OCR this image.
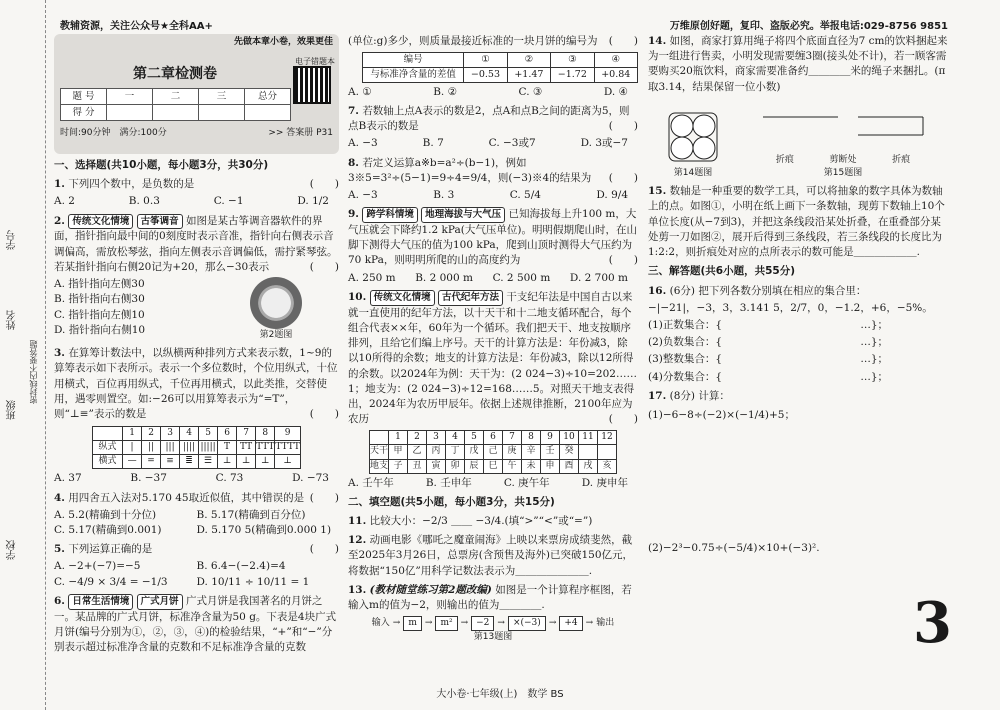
学校
班级
姓名
学号
密封线内不要答题
教辅资源，关注公众号★全科AA+	万维原创好题，复印、盗版必究。举报电话:029-8756 9851
先做本章小卷，效果更佳
第二章检测卷
题 号	一	二	三	总分
得 分				
电子错题本
时间:90分钟　 满分:100分	>> 答案册 P31
一、选择题(共10小题，每小题3分，共30分)
1. 下列四个数中，是负数的是	(　　)
A. 2	B. 0.3	C. −1	D. 1/2
2. 传统文化情境 古筝调音 如图是某古筝调音器软件的界面，指针指向最中间的0刻度时表示音准，指针向右侧表示音调偏高，需放松琴弦，指向左侧表示音调偏低，需拧紧琴弦。若某指针指向右侧20记为+20，那么−30表示	(　　)
A. 指针指向左侧30
B. 指针指向右侧30
C. 指针指向左侧10
D. 指针指向右侧10	第2题图
3. 在算筹计数法中，以纵横两种排列方式来表示数，1~9的算筹表示如下表所示。表示一个多位数时，个位用纵式，十位用横式，百位再用纵式，千位再用横式，以此类推，交替使用，遇零则置空。如:−26可以用算筹表示为“=T”，则“⊥≡”表示的数是	(　　)
	1	2	3	4	5	6	7	8	9
纵式	|	||	|||	||||	|||||	T	TT	TTT	TTTT
横式	—	=	≡	≣	☰	⊥	⊥	⊥	⊥
A. 37	B. −37	C. 73	D. −73
4. 用四舍五入法对5.170 45取近似值，其中错误的是 (　　)
A. 5.2(精确到十分位)	B. 5.17(精确到百分位)
C. 5.17(精确到0.001)	D. 5.170 5(精确到0.000 1)
5. 下列运算正确的是	(　　)
A. −2+(−7)=−5	B. 6.4−(−2.4)=4
C. −4/9 × 3/4 = −1/3	D. 10/11 ÷ 10/11 = 1
6. 日常生活情境 广式月饼 广式月饼是我国著名的月饼之一。某品牌的广式月饼，标准净含量为50 g。下表是4块广式月饼(编号分别为①，②，③，④)的检验结果，“+”和“−”分别表示超过标准净含量的克数和不足标准净含量的克数
(单位:g)多少，则质量最接近标准的一块月饼的编号为 (　　)
编号	①	②	③	④
与标准净含量的差值	−0.53	+1.47	−1.72	+0.84
A. ①	B. ②	C. ③	D. ④
7. 若数轴上点A表示的数是2，点A和点B之间的距离为5，则点B表示的数是	(　　)
A. −3	B. 7	C. −3或7	D. 3或−7
8. 若定义运算a※b=a²÷(b−1)，例如3※5=3²÷(5−1)=9÷4=9/4，则(−3)※4的结果为 (　　)
A. −3	B. 3	C. 5/4	D. 9/4
9. 跨学科情境 地理海拔与大气压 已知海拔每上升100 m，大气压就会下降约1.2 kPa(大气压单位)。明明假期爬山时，在山脚下测得大气压的值为100 kPa，爬到山顶时测得大气压约为70 kPa，则明明所爬的山的高度约为	(　　)
A. 250 m B. 2 000 m C. 2 500 m D. 2 700 m
10. 传统文化情境 古代纪年方法 干支纪年法是中国自古以来就一直使用的纪年方法，以十天干和十二地支循环配合，每个组合代表××年，60年为一个循环。我们把天干、地支按顺序排列，且给它们编上序号。天干的计算方法是：年份减3，除以10所得的余数；地支的计算方法是：年份减3，除以12所得的余数。以2024年为例：天干为：(2 024−3)÷10=202……1；地支为：(2 024−3)÷12=168……5。对照天干地支表得出，2024年为农历甲辰年。依据上述规律推断，2100年应为农历	(　　)
	1	2	3	4	5	6	7	8	9	10	11	12
天干	甲	乙	丙	丁	戊	己	庚	辛	壬	癸		
地支	子	丑	寅	卯	辰	巳	午	未	申	酉	戌	亥
A. 壬午年	B. 壬申年	C. 庚午年	D. 庚申年
二、填空题(共5小题，每小题3分，共15分)
11. 比较大小：−2/3 ＿＿ −3/4.(填“>”“<”或“=”)
12. 动画电影《哪吒之魔童闹海》上映以来票房成绩斐然，截至2025年3月26日，总票房(含预售及海外)已突破150亿元，将数据“150亿”用科学记数法表示为＿＿＿＿＿＿＿.
13. (教材随堂练习第2题改编) 如图是一个计算程序框图，若输入m的值为−2，则输出的值为＿＿＿＿.
输入 → m → m² → −2 → ×(−3) → +4 → 输出
第13题图
14. 如图，商家打算用绳子将四个底面直径为7 cm的饮料捆起来为一组进行售卖，小明发现需要缠3圈(接头处不计)，若一顾客需要购买20瓶饮料，商家需要准备约＿＿＿＿米的绳子来捆扎。(π取3.14，结果保留一位小数)
第14题图
折痕	剪断处	折痕
第15题图
15. 数轴是一种重要的数学工具，可以将抽象的数字具体为数轴上的点。如图①，小明在纸上画下一条数轴，现剪下数轴上10个单位长度(从−7到3)，并把这条线段沿某处折叠，在重叠部分某处剪一刀如图②，展开后得到三条线段，若三条线段的长度比为1:2:2，则折痕处对应的点所表示的数可能是＿＿＿＿＿＿.
三、解答题(共6小题，共55分)
16. (6分) 把下列各数分别填在相应的集合里：
−|−21|，−3，3，3.141 5，2/7，0，−1.2，+6，−5%。
(1)正数集合：{	…}；
(2)负数集合：{	…}；
(3)整数集合：{	…}；
(4)分数集合：{	…}；
17. (8分) 计算：
(1)−6−8÷(−2)×(−1/4)+5；
(2)−2³−0.75÷(−5/4)×10+(−3)².
3
大小卷·七年级(上)　数学 BS
